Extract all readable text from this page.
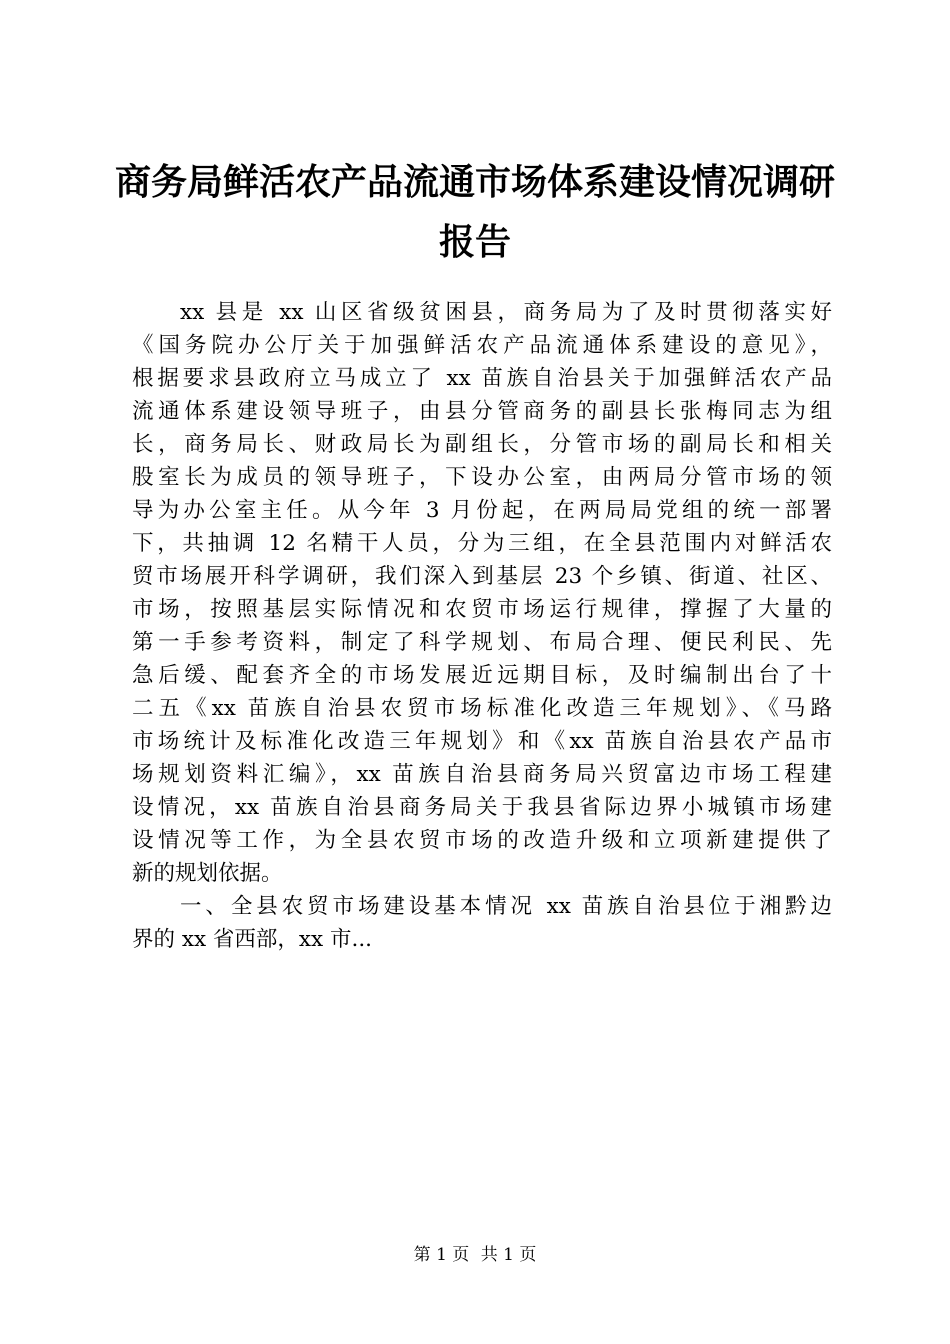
商务局鲜活农产品流通市场体系建设情况调研
报告
xx 县是 xx 山区省级贫困县，商务局为了及时贯彻落实好
《国务院办公厅关于加强鲜活农产品流通体系建设的意见》，
根据要求县政府立马成立了 xx 苗族自治县关于加强鲜活农产品
流通体系建设领导班子，由县分管商务的副县长张梅同志为组
长，商务局长、财政局长为副组长，分管市场的副局长和相关
股室长为成员的领导班子，下设办公室，由两局分管市场的领
导为办公室主任。从今年 3 月份起，在两局局党组的统一部署
下，共抽调 12 名精干人员，分为三组，在全县范围内对鲜活农
贸市场展开科学调研，我们深入到基层 23 个乡镇、街道、社区、
市场，按照基层实际情况和农贸市场运行规律，撑握了大量的
第一手参考资料，制定了科学规划、布局合理、便民利民、先
急后缓、配套齐全的市场发展近远期目标，及时编制出台了十
二五《xx 苗族自治县农贸市场标准化改造三年规划》、《马路
市场统计及标准化改造三年规划》和《xx 苗族自治县农产品市
场规划资料汇编》，xx 苗族自治县商务局兴贸富边市场工程建
设情况，xx 苗族自治县商务局关于我县省际边界小城镇市场建
设情况等工作，为全县农贸市场的改造升级和立项新建提供了
新的规划依据。
一、全县农贸市场建设基本情况 xx 苗族自治县位于湘黔边
界的 xx 省西部，xx 市...
第 1 页 共 1 页
